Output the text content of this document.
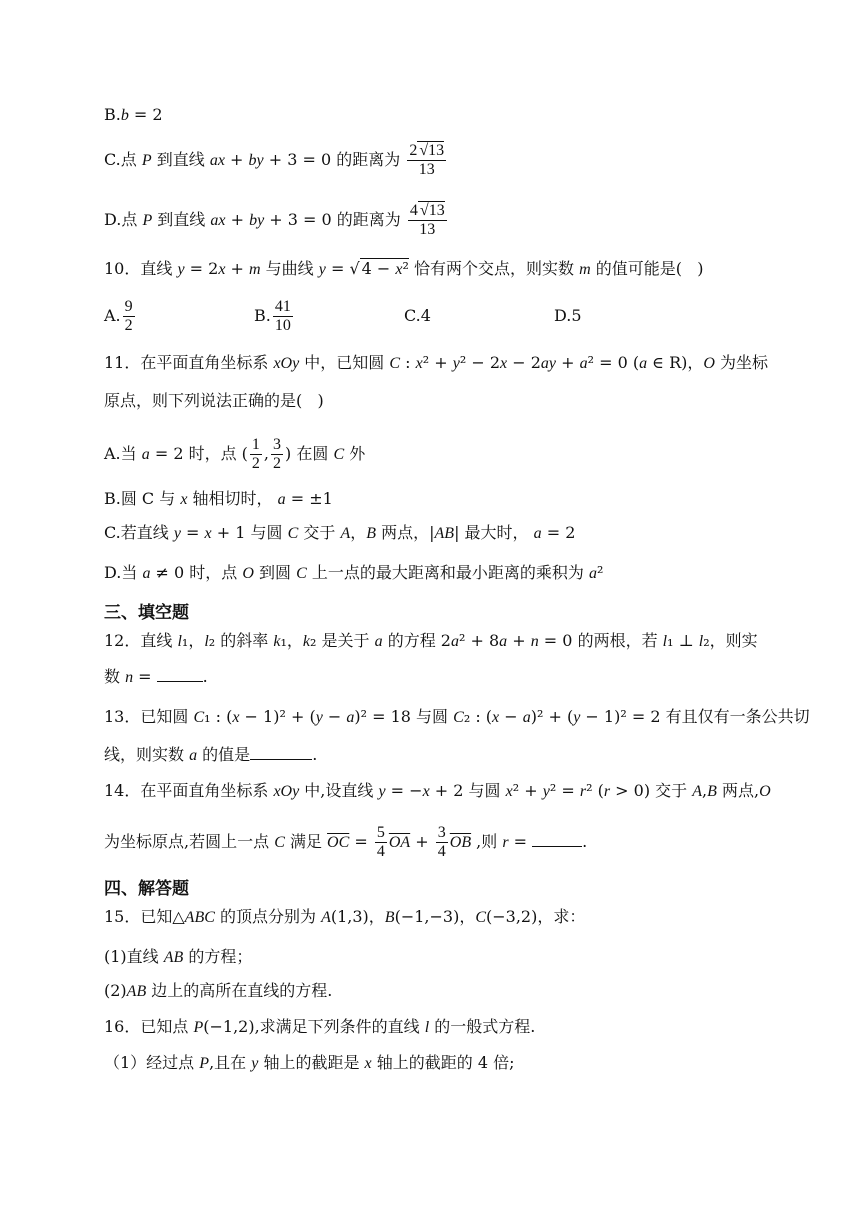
B.b = 2
C.点 P 到直线 ax + by + 3 = 0 的距离为 $\frac{2 √13}{13}$
D.点 P 到直线 ax + by + 3 = 0 的距离为 $\frac{4 √13}{13}$
10．直线 y = 2x + m 与曲线 y = √ 4 − x² 恰有两个交点，则实数 m 的值可能是(   )
A. $\frac{9}{2}$	B. $\frac{41}{10}$	C.4	D.5
11．在平面直角坐标系 xOy 中，已知圆 C : x² + y² − 2x − 2ay + a² = 0 (a ∈ R)，O 为坐标
原点，则下列说法正确的是(   )
A.当 a = 2 时，点 ( $\frac{1}{2}$ , $\frac{3}{2}$ ) 在圆 C 外
B.圆 C 与 x 轴相切时， a = ±1
C.若直线 y = x + 1 与圆 C 交于 A，B 两点，|AB| 最大时， a = 2
D.当 a ≠ 0 时，点 O 到圆 C 上一点的最大距离和最小距离的乘积为 a²
三、填空题
12．直线 l₁，l₂ 的斜率 k₁，k₂ 是关于 a 的方程 2a² + 8a + n = 0 的两根，若 l₁ ⊥ l₂，则实
数 n =	.
13．已知圆 C₁ : (x − 1)² + (y − a)² = 18 与圆 C₂ : (x − a)² + (y − 1)² = 2 有且仅有一条公共切
线，则实数 a 的值是	.
14．在平面直角坐标系 xOy 中,设直线 y = −x + 2 与圆 x² + y² = r² (r > 0) 交于 A,B 两点,O
为坐标原点,若圆上一点 C 满足 $\overline{OC} = \frac{5}{4} \overline{OA} + \frac{3}{4} \overline{OB}$ ,则 r =	.
四、解答题
15．已知△ABC 的顶点分别为 A(1,3)，B(−1,−3)，C(−3,2)，求：
(1)直线 AB 的方程；
(2)AB 边上的高所在直线的方程.
16．已知点 P(−1,2),求满足下列条件的直线 l 的一般式方程.
（1）经过点 P,且在 y 轴上的截距是 x 轴上的截距的 4 倍;
